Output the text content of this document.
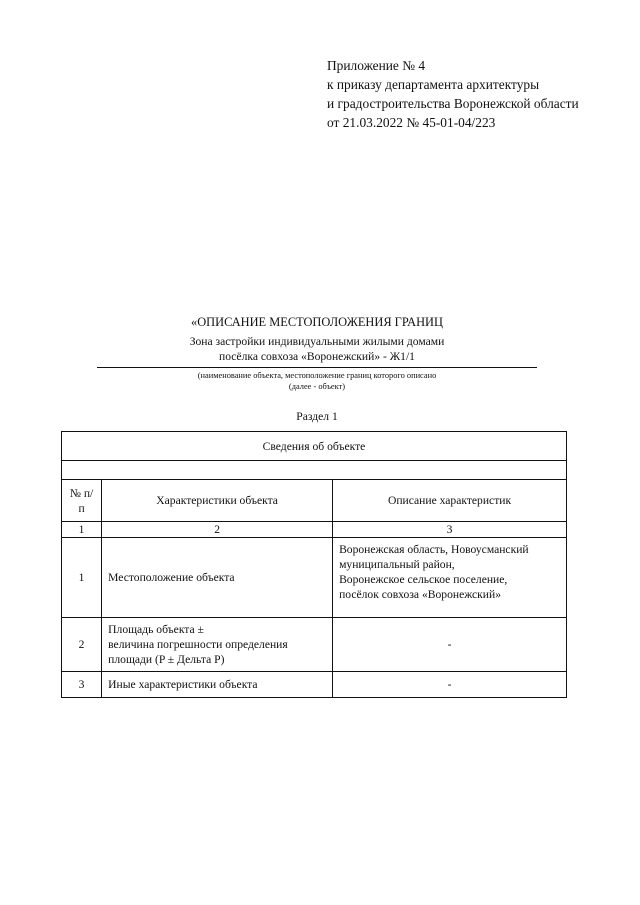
Приложение № 4
к приказу департамента архитектуры
и градостроительства Воронежской области
от 21.03.2022 № 45-01-04/223
«ОПИСАНИЕ МЕСТОПОЛОЖЕНИЯ ГРАНИЦ
Зона застройки индивидуальными жилыми домами
посёлка совхоза «Воронежский» - Ж1/1
(наименование объекта, местоположение границ которого описано
(далее - объект)
Раздел 1
Сведения об объекте		

№ п/п	Характеристики объекта	Описание характеристик
1	2	3
1	Местоположение объекта	Воронежская область, Новоусманский
муниципальный район,
Воронежское сельское поселение,
посёлок совхоза «Воронежский»

2	Площадь объекта ±
величина погрешности определения
площади (P ± Дельта P)	-
3	Иные характеристики объекта	-
